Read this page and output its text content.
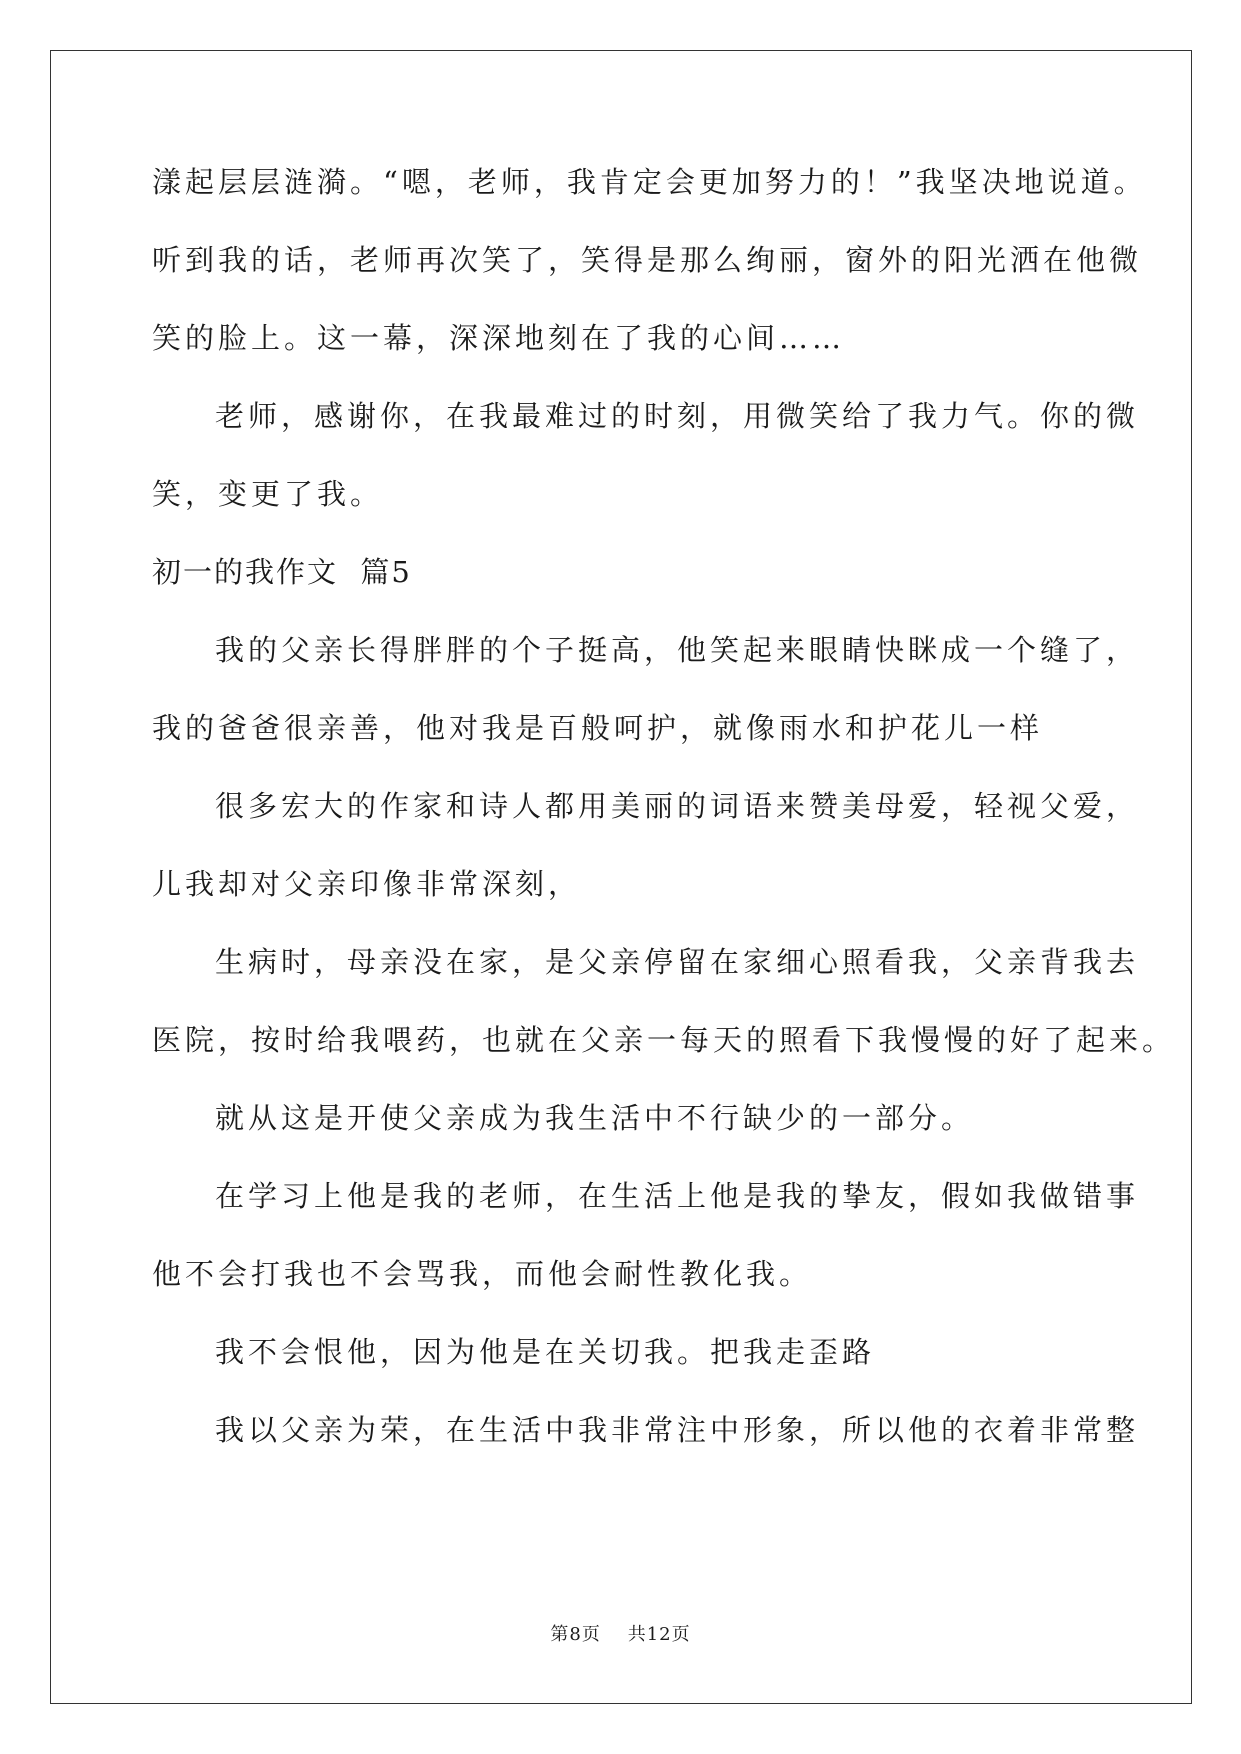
漾起层层涟漪。“嗯，老师，我肯定会更加努力的！”我坚决地说道。
听到我的话，老师再次笑了，笑得是那么绚丽，窗外的阳光洒在他微
笑的脸上。这一幕，深深地刻在了我的心间……
老师，感谢你，在我最难过的时刻，用微笑给了我力气。你的微
笑，变更了我。
初一的我作文  篇5
我的父亲长得胖胖的个子挺高，他笑起来眼睛快眯成一个缝了，
我的爸爸很亲善，他对我是百般呵护，就像雨水和护花儿一样
很多宏大的作家和诗人都用美丽的词语来赞美母爱，轻视父爱，
儿我却对父亲印像非常深刻，
生病时，母亲没在家，是父亲停留在家细心照看我，父亲背我去
医院，按时给我喂药，也就在父亲一每天的照看下我慢慢的好了起来。
就从这是开使父亲成为我生活中不行缺少的一部分。
在学习上他是我的老师，在生活上他是我的挚友，假如我做错事
他不会打我也不会骂我，而他会耐性教化我。
我不会恨他，因为他是在关切我。把我走歪路
我以父亲为荣，在生活中我非常注中形象，所以他的衣着非常整
第8页    共12页
